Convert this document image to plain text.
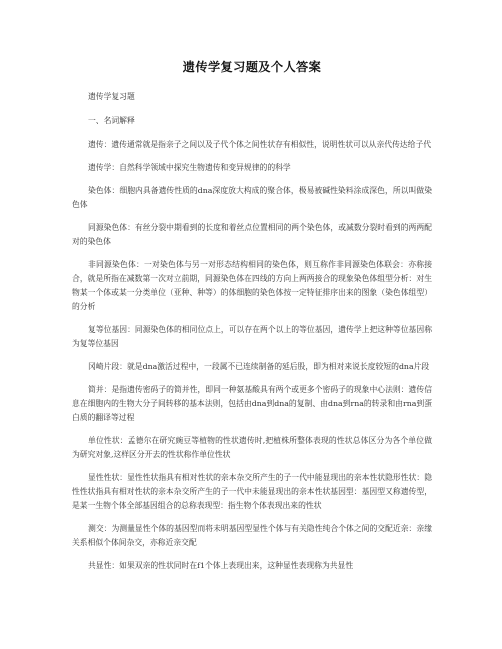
遗传学复习题及个人答案

遗传学复习题

一、名词解释

遗传：遗传通常就是指亲子之间以及子代个体之间性状存有相似性，说明性状可以从亲代传达给子代

遗传学：自然科学领域中探究生物遗传和变异规律的的科学

染色体：细胞内具备遗传性质的dna深度放大构成的聚合体，极易被碱性染料涂成深色，所以叫做染色体

同源染色体：有丝分裂中期看到的长度和着丝点位置相同的两个染色体，或减数分裂时看到的两两配对的染色体

非同源染色体：一对染色体与另一对形态结构相同的染色体，则互称作非同源染色体联会：亦称接合，就是所指在减数第一次对立前期，同源染色体在四线的方向上两两接合的现象染色体组型分析：对生物某一个体或某一分类单位（亚种、种等）的体细胞的染色体按一定特征排序出来的图象（染色体组型）的分析

复等位基因：同源染色体的相同位点上，可以存在两个以上的等位基因，遗传学上把这种等位基因称为复等位基因

冈崎片段：就是dna激活过程中，一段属不已连续制备的延后股，即为相对来说长度较短的dna片段

简并：是指遗传密码子的简并性，即同一种氨基酸具有两个或更多个密码子的现象中心法则：遗传信息在细胞内的生物大分子间转移的基本法则，包括由dna到dna的复制、由dna到rna的转录和由rna到蛋白质的翻译等过程

单位性状：孟德尔在研究豌豆等植物的性状遗传时,把植株所整体表现的性状总体区分为各个单位做为研究对象,这样区分开去的性状称作单位性状

显性性状：显性性状指具有相对性状的亲本杂交所产生的子一代中能显现出的亲本性状隐形性状：隐性性状指具有相对性状的亲本杂交所产生的子一代中未能显现出的亲本性状基因型：基因型又称遗传型，是某一生物个体全部基因组合的总称表现型：指生物个体表现出来的性状

测交：为测量显性个体的基因型而将未明基因型显性个体与有关隐性纯合个体之间的交配近亲：亲缘关系相似个体间杂交，亦称近亲交配

共显性：如果双亲的性状同时在f1个体上表现出来，这种显性表现称为共显性
